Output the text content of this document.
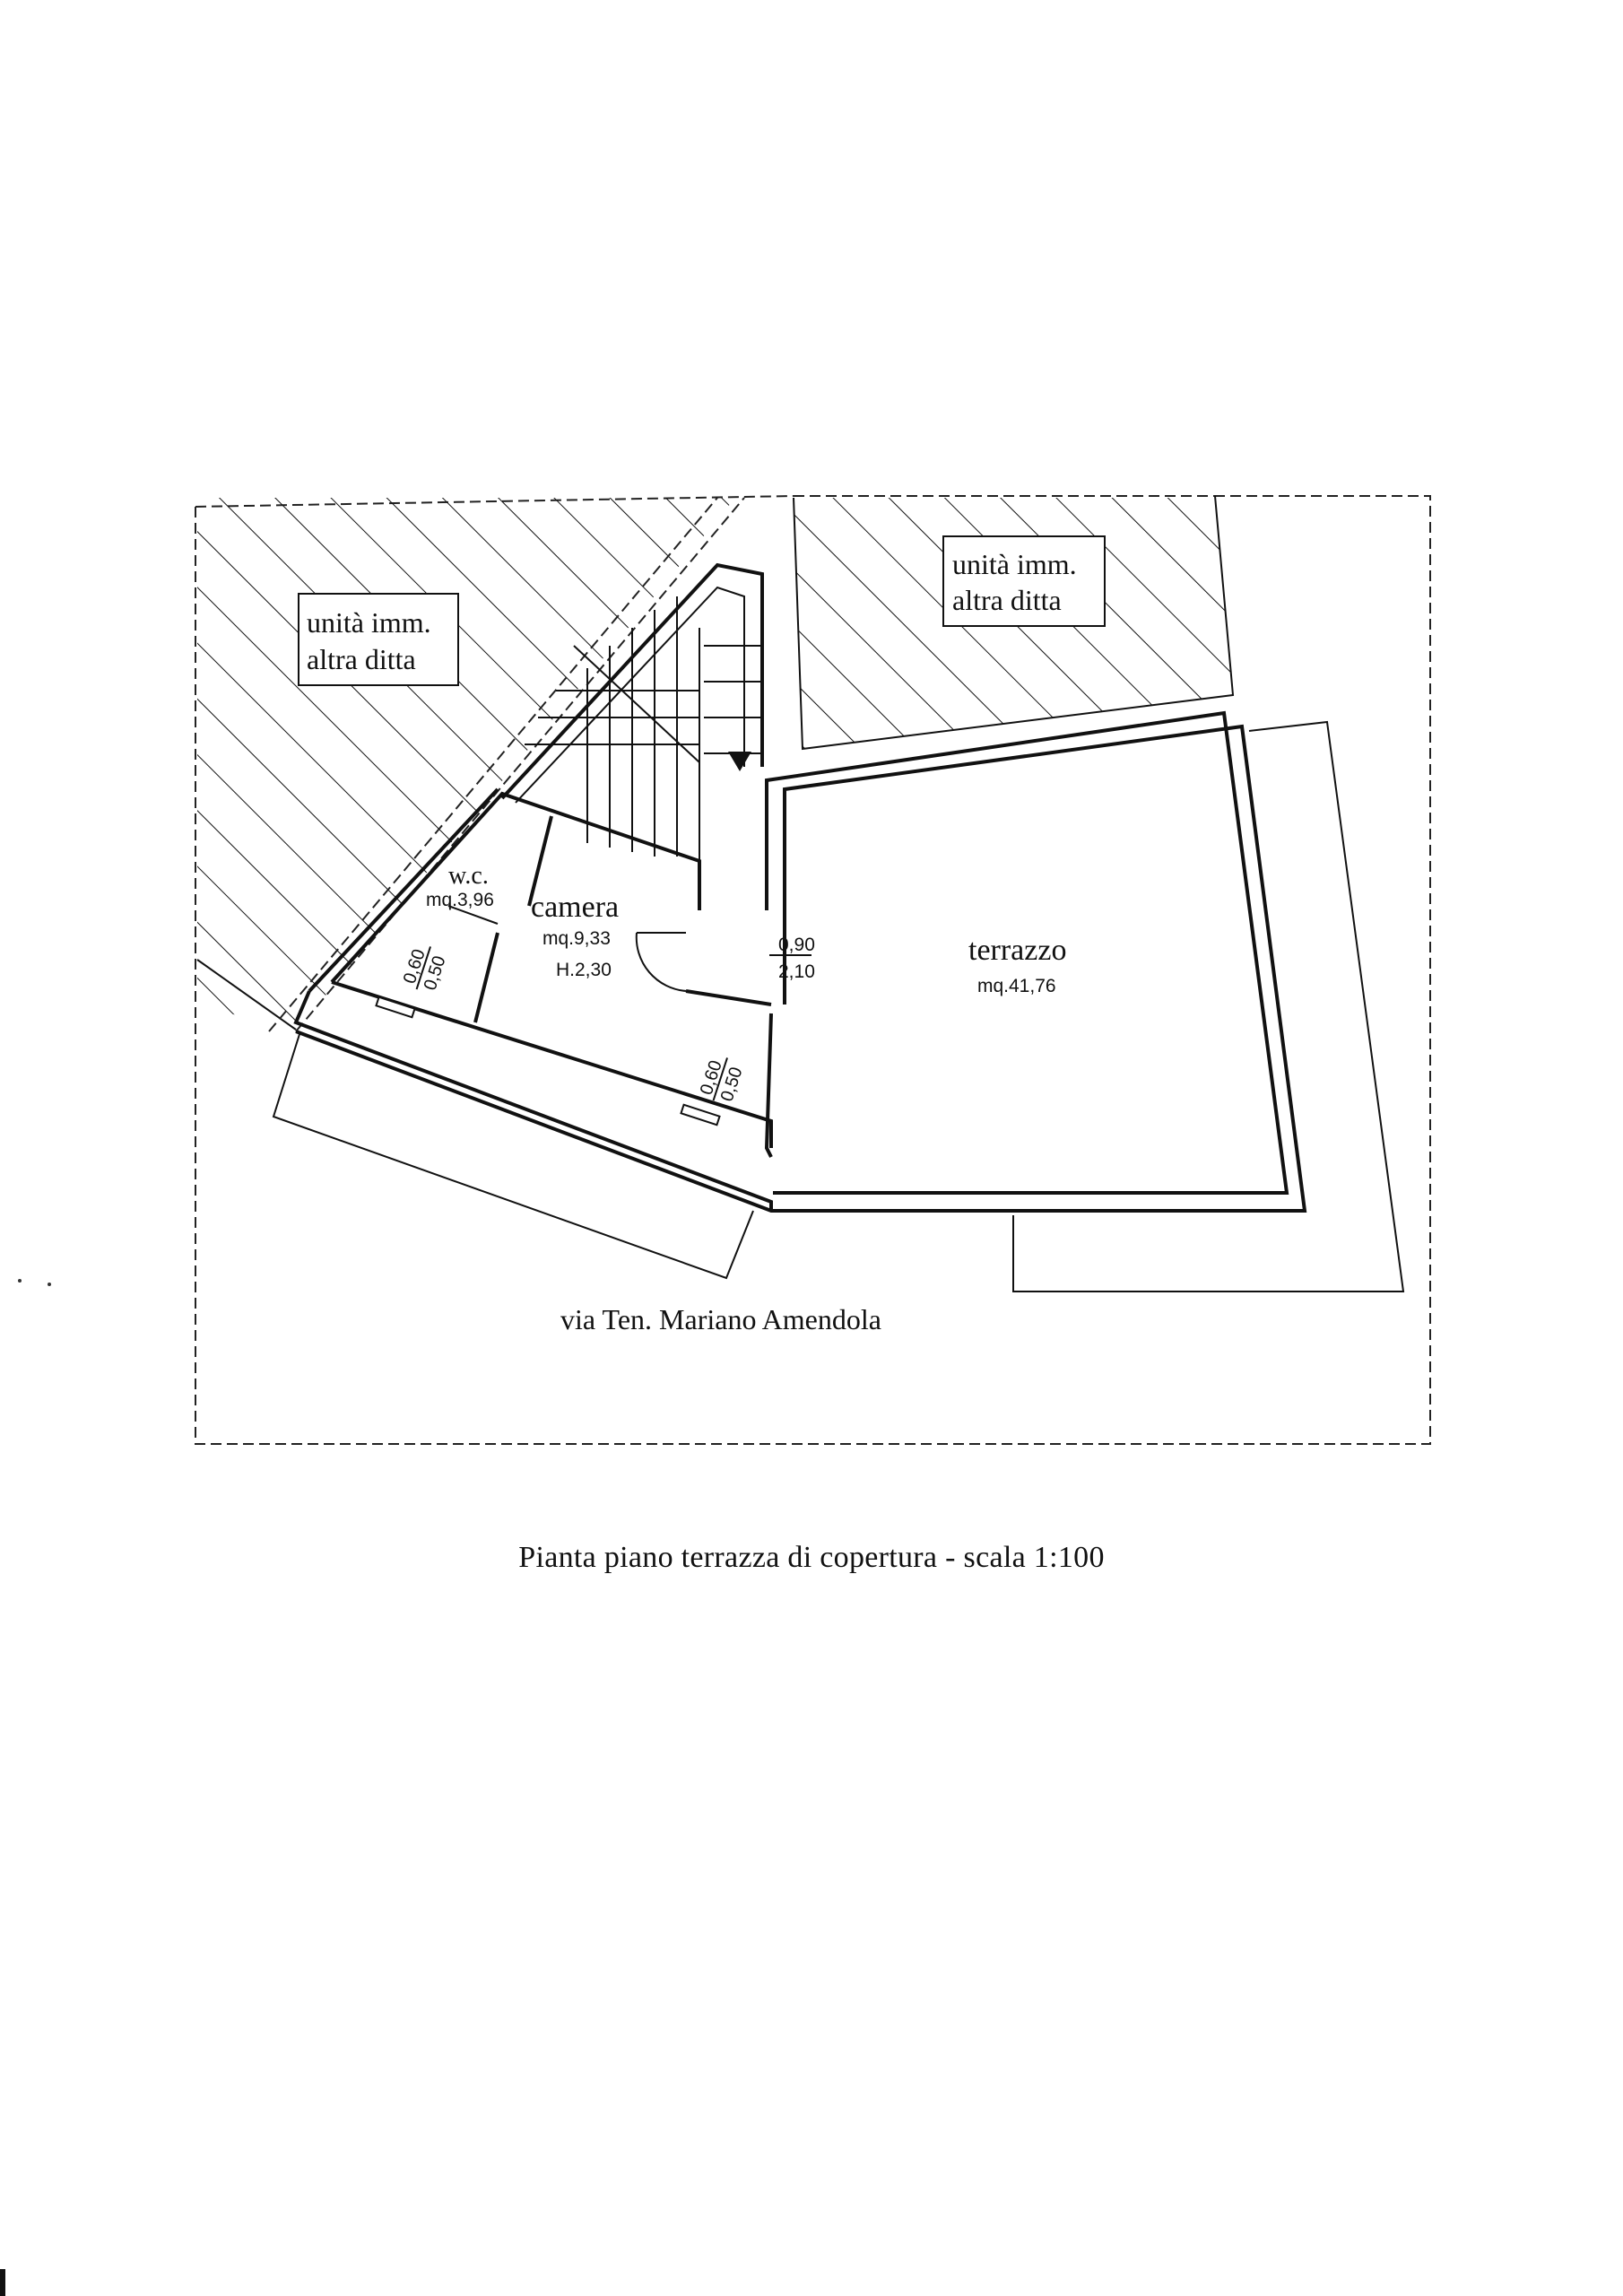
unità imm.
altra ditta
unità imm.
altra ditta
w.c.
mq.3,96 camera
mq.9,33
H.2,30
terrazzo
mq.41,76
0,90
2,10
0,60
0,50
0,60
0,50
via Ten. Mariano Amendola
Pianta piano terrazza di copertura - scala 1:100
